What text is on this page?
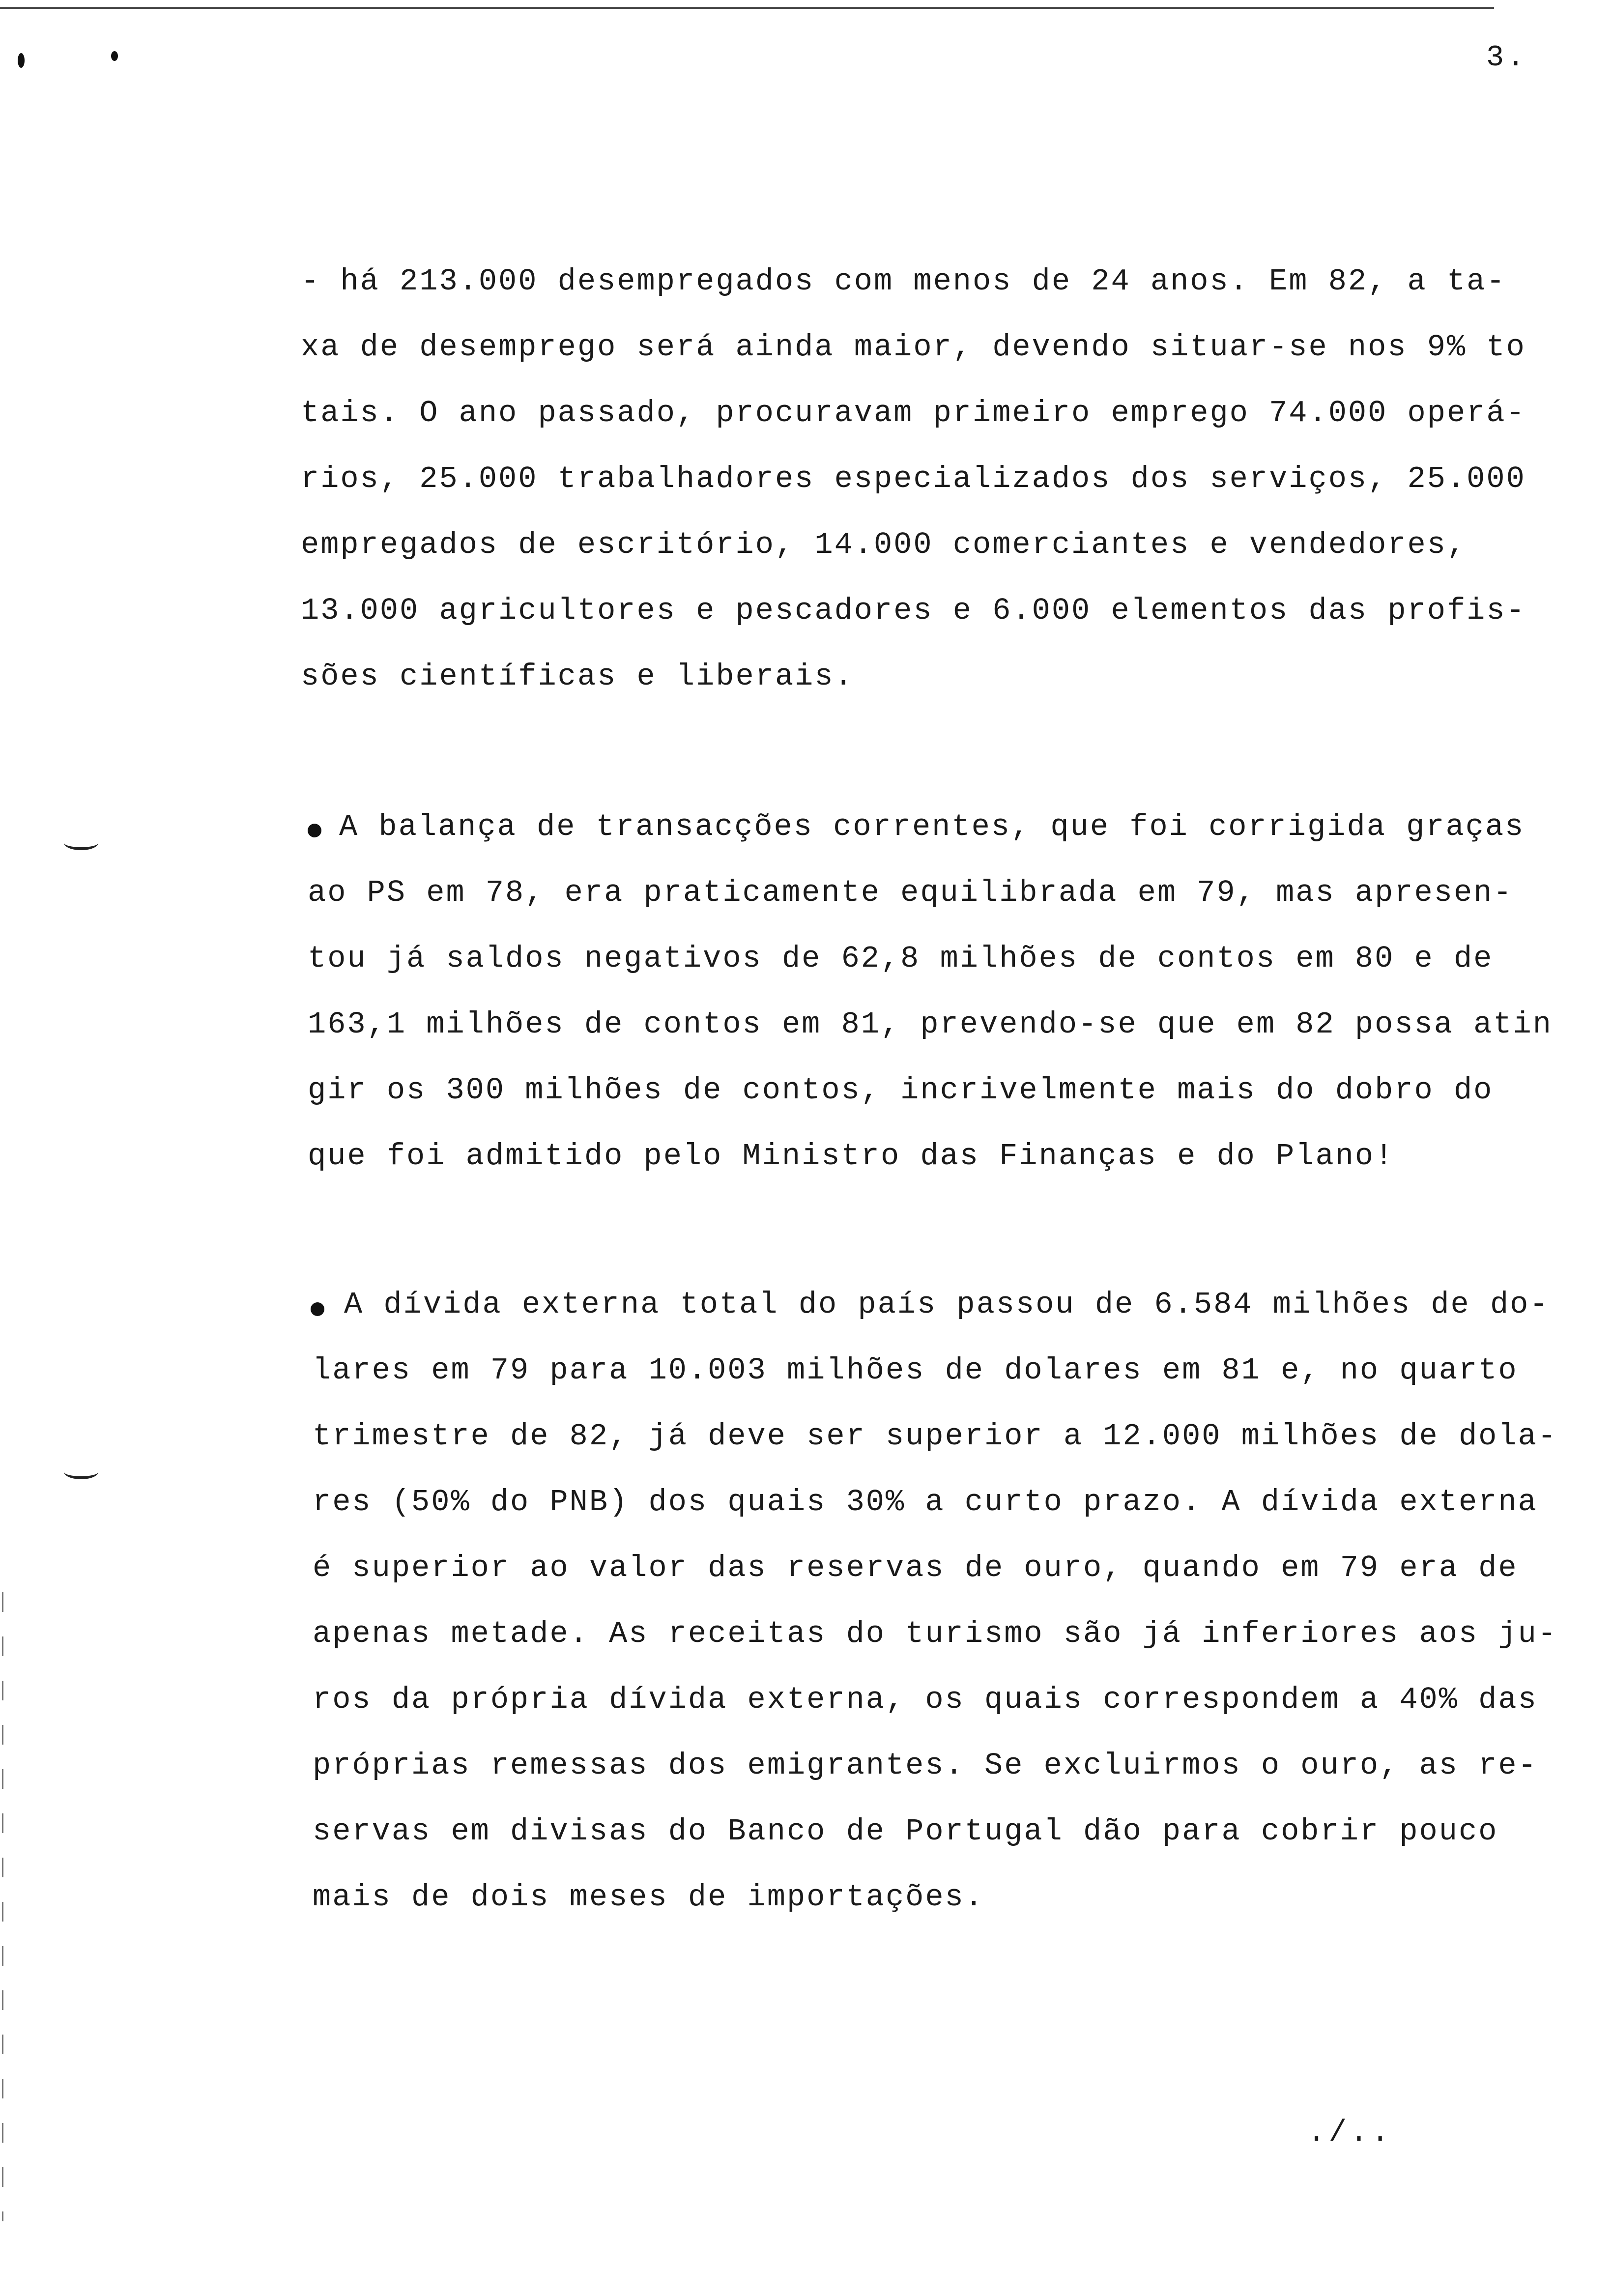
3.
- há 213.000 desempregados com menos de 24 anos. Em 82, a ta-
xa de desemprego será ainda maior, devendo situar-se nos 9% to
tais. O ano passado, procuravam primeiro emprego 74.000 operá-
rios, 25.000 trabalhadores especializados dos serviços, 25.000
empregados de escritório, 14.000 comerciantes e vendedores,
13.000 agricultores e pescadores e 6.000 elementos das profis-
sões científicas e liberais.
A balança de transacções correntes, que foi corrigida graças
ao PS em 78, era praticamente equilibrada em 79, mas apresen-
tou já saldos negativos de 62,8 milhões de contos em 80 e de
163,1 milhões de contos em 81, prevendo-se que em 82 possa atin
gir os 300 milhões de contos, incrivelmente mais do dobro do
que foi admitido pelo Ministro das Finanças e do Plano!
A dívida externa total do país passou de 6.584 milhões de do-
lares em 79 para 10.003 milhões de dolares em 81 e, no quarto
trimestre de 82, já deve ser superior a 12.000 milhões de dola-
res (50% do PNB) dos quais 30% a curto prazo. A dívida externa
é superior ao valor das reservas de ouro, quando em 79 era de
apenas metade. As receitas do turismo são já inferiores aos ju-
ros da própria dívida externa, os quais correspondem a 40% das
próprias remessas dos emigrantes. Se excluirmos o ouro, as re-
servas em divisas do Banco de Portugal dão para cobrir pouco
mais de dois meses de importações.
./..
